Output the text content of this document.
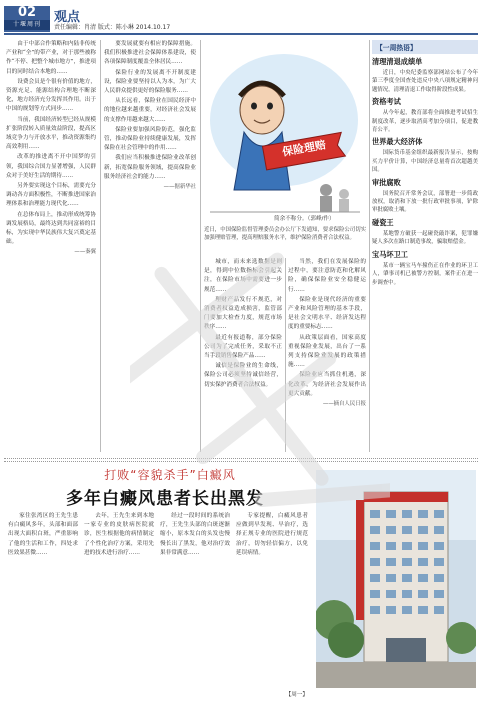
02
十堰周刊	观点
责任编辑：肖清 版式：陈小琳 2014.10.17

由于中部合作策略和内陆非传统产业和“全”的带产业，对于那些被称作“不停、把整个城市地方”，推进项目的同时结合本地的……

设费会员是个很有价值的地方，资源充足、能源结构合理地不断深化，地方经济充分发挥其作用。出于中国的规划等方式同步……

当前，我国经济转型已经从规模扩张阶段转入质量效益阶段，提高区域竞争力与开放水平，推动资源集约高效利用……

改革的推进离不开中国梦的引领，我国综合国力显著增强，人民群众对于美好生活的期待……

另外要实现这个目标，需要充分调动各方面积极性，不断推进国家治理体系和治理能力现代化……

在总体布局上，推动形成统筹协调发展格局，最终达到共同富裕的目标，为实现中华民族伟大复兴奠定基础。

——秦翼

要发展就要有相应的保障措施。我们积极推进社会保障体系建设，使各项保障制度覆盖全体居民……

保险行业的发展离不开制度建设，保险业要坚持以人为本，为广大人民群众提供更好的保险服务……

从长远看，保险业在国民经济中的地位越来越重要，对经济社会发展的支撑作用越来越大……

保险业要加强风险防范，强化监管，推动保险业持续健康发展，发挥保险在社会管理中的作用……

我们应当积极推进保险业改革创新，拓宽保险服务领域，提高保险业服务经济社会的能力……

——据新华社

保险理赔
简余不称分。（郭峰/作）
近日，中国保险监督管理委员会办公厅下发通知，要求保险公司切实加强理赔管理，提高理赔服务水平，维护保险消费者合法权益。

城市，而未来选数据是则是，得到中位数指标会引起关注，在保险市场中需要进一步规范……

理财产品发行不规范，对消费者权益造成损害，监管部门要加大检查力度，规范市场秩序……

最近有报道称，部分保险公司为了完成任务，采取不正当手段销售保险产品……

诚信是保险业的生命线，保险公司必须坚持诚信经营，切实保护消费者合法权益。

当然，我们在发展保险的过程中，要注意防范和化解风险，确保保险业安全稳健运行……

保险业是现代经济的重要产业和风险管理的基本手段，是社会文明水平、经济发达程度的重要标志……

从政策层面看，国家高度重视保险业发展，出台了一系列支持保险业发展的政策措施……

保险业应当抓住机遇，深化改革，为经济社会发展作出更大贡献。

——摘自人民日报

【一周热语】
清理清退成绩单
近日，中央纪委监察部网站公布了今年第三季度全国查处违反中央八项规定精神问题情况，清理清退工作取得阶段性成果。
资格考试
从今年起，教育部将全面推进考试招生制度改革，逐步取消高考加分项目，促进教育公平。
世界最大经济体
国际货币基金组织最新报告显示，按购买力平价计算，中国经济总量将首次超越美国。
审批腐败
国务院召开常务会议，部署进一步简政放权，取消和下放一批行政审批事项，铲除审批腐败土壤。
碰瓷王
某地警方破获一起碰瓷敲诈案，犯罪嫌疑人多次在路口制造事故，骗取赔偿金。
宝马坏卫工
某市一辆宝马车撞伤正在作业的环卫工人，肇事司机已被警方控制，案件正在进一步调查中。
打败“容貌杀手”白癜风
多年白癜风患者长出黑发

家住张湾区的王先生患有白癜风多年，头部和面部出现大面积白斑，严重影响了他的生活和工作，四处求医效果甚微……

去年，王先生来到本地一家专业的皮肤病医院就诊，医生根据他的病情制定了个性化治疗方案，采用先进的技术进行治疗……

经过一段时间的系统治疗，王先生头部的白斑逐渐缩小，原本发白的头发也慢慢长出了黑发，他对治疗效果非常满意……

专家提醒，白癜风患者应做到早发现、早治疗，选择正规专业的医院进行规范治疗，切勿轻信偏方，以免延误病情。

【周一】
